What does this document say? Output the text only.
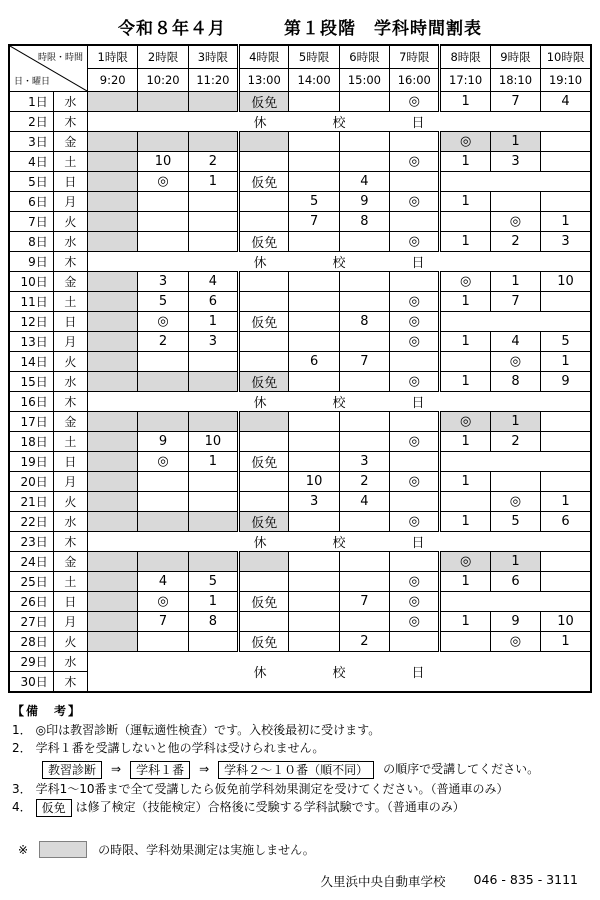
令和８年４月	第１段階　学科時間割表
時限・時間
日・曜日		1時限	2時限	3時限	4時限	5時限	6時限	7時限	8時限	9時限	10時限
		9:20	10:20	11:20	13:00	14:00	15:00	16:00	17:10	18:10	19:10
1日	水				仮免			◎	1	7	4
2日	木	休 校 日									

3日	金								◎	1	
4日	土		10	2				◎	1	3	
5日	日		◎	1	仮免		4				
6日	月					5	9	◎	1		
7日	火					7	8			◎	1
8日	水				仮免			◎	1	2	3
9日	木	休 校 日									

10日	金		3	4					◎	1	10
11日	土		5	6				◎	1	7	
12日	日		◎	1	仮免		8	◎			
13日	月		2	3				◎	1	4	5
14日	火					6	7			◎	1
15日	水				仮免			◎	1	8	9
16日	木	休 校 日									

17日	金								◎	1	
18日	土		9	10				◎	1	2	
19日	日		◎	1	仮免		3				
20日	月					10	2	◎	1		
21日	火					3	4			◎	1
22日	水				仮免			◎	1	5	6
23日	木	休 校 日									

24日	金								◎	1	
25日	土		4	5				◎	1	6	
26日	日		◎	1	仮免		7	◎			
27日	月		7	8				◎	1	9	10
28日	火				仮免		2			◎	1
29日	水	休 校 日									

30日	木										
【備　考】
1． ◎印は教習診断（運転適性検査）です。入校後最初に受けます。
2． 学科１番を受講しないと他の学科は受けられません。
教習診断	⇒	学科１番	⇒	学科２～１０番（順不同）	の順序で受講してください。
3． 学科1～10番まで全て受講したら仮免前学科効果測定を受けてください。（普通車のみ）
4． 仮免 は修了検定（技能検定）合格後に受験する学科試験です。（普通車のみ）
※	の時限、学科効果測定は実施しません。
久里浜中央自動車学校 046 - 835 - 3111
